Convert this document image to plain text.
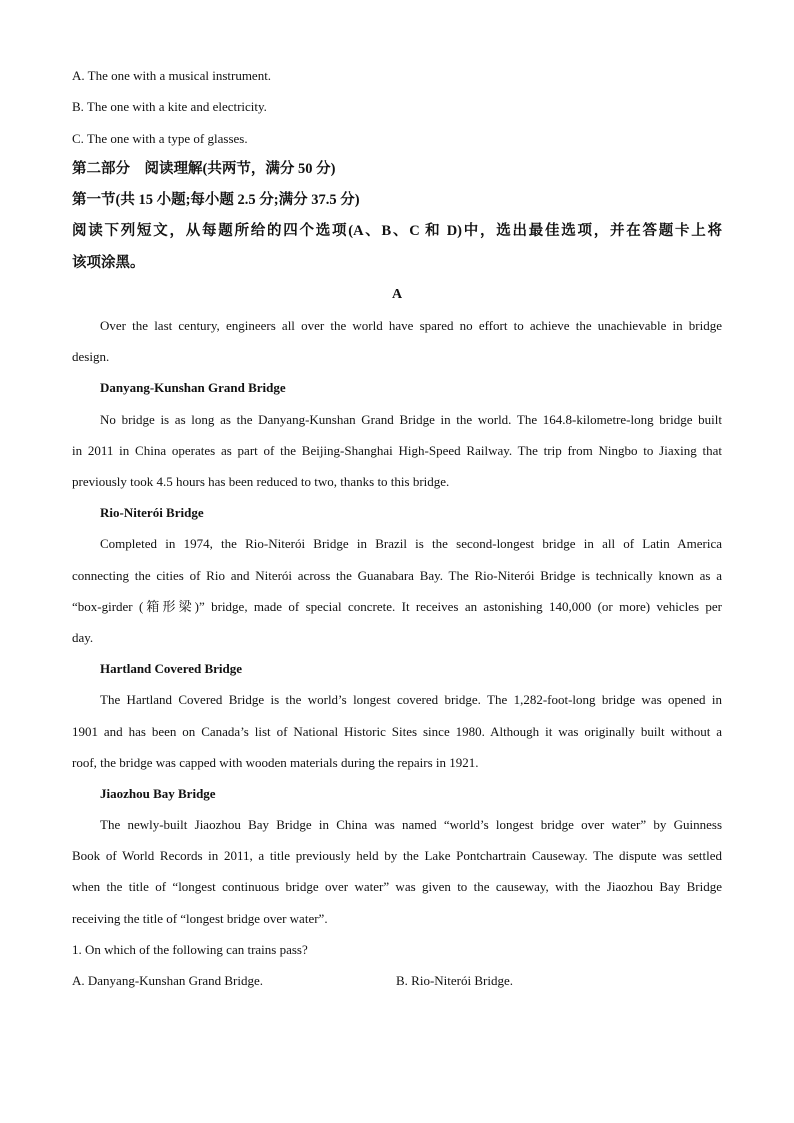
A. The one with a musical instrument.
B. The one with a kite and electricity.
C. The one with a type of glasses.
第二部分　阅读理解(共两节，满分 50 分)
第一节(共 15 小题;每小题 2.5 分;满分 37.5 分)
阅读下列短文，从每题所给的四个选项(A、B、C 和 D)中，选出最佳选项，并在答题卡上将
该项涂黑。
A
Over the last century, engineers all over the world have spared no effort to achieve the unachievable in bridge
design.
Danyang-Kunshan Grand Bridge
No bridge is as long as the Danyang-Kunshan Grand Bridge in the world. The 164.8-kilometre-long bridge built
in 2011 in China operates as part of the Beijing-Shanghai High-Speed Railway. The trip from Ningbo to Jiaxing that
previously took 4.5 hours has been reduced to two, thanks to this bridge.
Rio-Niterói Bridge
Completed in 1974, the Rio-Niterói Bridge in Brazil is the second-longest bridge in all of Latin America
connecting the cities of Rio and Niterói across the Guanabara Bay. The Rio-Niterói Bridge is technically known as a
“box-girder (箱形梁)” bridge, made of special concrete. It receives an astonishing 140,000 (or more) vehicles per
day.
Hartland Covered Bridge
The Hartland Covered Bridge is the world’s longest covered bridge. The 1,282-foot-long bridge was opened in
1901 and has been on Canada’s list of National Historic Sites since 1980. Although it was originally built without a
roof, the bridge was capped with wooden materials during the repairs in 1921.
Jiaozhou Bay Bridge
The newly-built Jiaozhou Bay Bridge in China was named “world’s longest bridge over water” by Guinness
Book of World Records in 2011, a title previously held by the Lake Pontchartrain Causeway. The dispute was settled
when the title of “longest continuous bridge over water” was given to the causeway, with the Jiaozhou Bay Bridge
receiving the title of “longest bridge over water”.
1. On which of the following can trains pass?
A. Danyang-Kunshan Grand Bridge.	B. Rio-Niterói Bridge.
